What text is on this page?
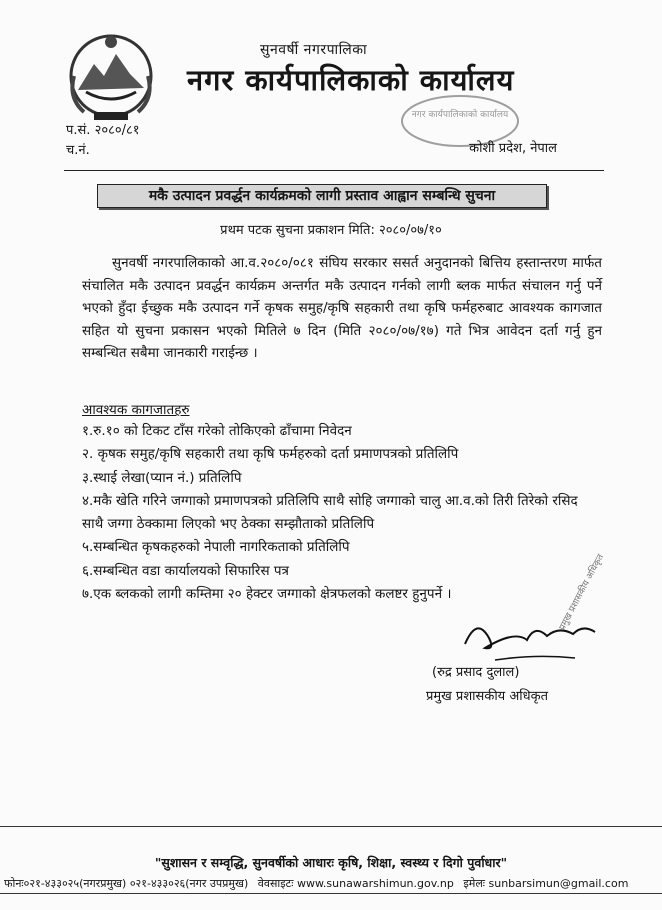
सुनवर्षी नगरपालिका
नगर कार्यपालिकाको कार्यालय
नगर कार्यपालिकाको कार्यालय
प.सं. २०८०/८१
च.नं.	कोशी प्रदेश, नेपाल
मकै उत्पादन प्रवर्द्धन कार्यक्रमको लागी प्रस्ताव आह्वान सम्बन्धि सुचना
प्रथम पटक सुचना प्रकाशन मिति: २०८०/०७/१०

सुनवर्षी नगरपालिकाको आ.व.२०८०/०८१ संघिय सरकार ससर्त अनुदानको बित्तिय हस्तान्तरण मार्फत संचालित मकै उत्पादन प्रवर्द्धन कार्यक्रम अन्तर्गत मकै उत्पादन गर्नको लागी ब्लक मार्फत संचालन गर्नु पर्ने भएको हुँदा ईच्छुक मकै उत्पादन गर्ने कृषक समुह/कृषि सहकारी तथा कृषि फर्महरुबाट आवश्यक कागजात सहित यो सुचना प्रकासन भएको मितिले ७ दिन (मिति २०८०/०७/१७) गते भित्र आवेदन दर्ता गर्नु हुन सम्बन्धित सबैमा जानकारी गराईन्छ ।

आवश्यक कागजातहरु
१.रु.१० को टिकट टाँस गरेको तोकिएको ढाँचामा निवेदन
२. कृषक समुह/कृषि सहकारी तथा कृषि फर्महरुको दर्ता प्रमाणपत्रको प्रतिलिपि
३.स्थाई लेखा(प्यान नं.) प्रतिलिपि
४.मकै खेति गरिने जग्गाको प्रमाणपत्रको प्रतिलिपि साथै सोहि जग्गाको चालु आ.व.को तिरी तिरेको रसिद साथै जग्गा ठेक्कामा लिएको भए ठेक्का सम्झौताको प्रतिलिपि
५.सम्बन्धित कृषकहरुको नेपाली नागरिकताको प्रतिलिपि
६.सम्बन्धित वडा कार्यालयको सिफारिस पत्र
७.एक ब्लकको लागी कम्तिमा २० हेक्टर जग्गाको क्षेत्रफलको कलष्टर हुनुपर्ने ।
(रुद्र प्रसाद दुलाल)
प्रमुख प्रशासकीय अधिकृत
प्रमुख प्रशासकीय अधिकृत
"सुशासन र सम्वृद्धि, सुनवर्षीको आधारः कृषि, शिक्षा, स्वस्थ्य र दिगो पुर्वाधार"
फोनः०२१-४३३०२५(नगरप्रमुख) ०२१-४३३०२६(नगर उपप्रमुख) वेवसाइटः www.sunawarshimun.gov.np इमेलः sunbarsimun@gmail.com
